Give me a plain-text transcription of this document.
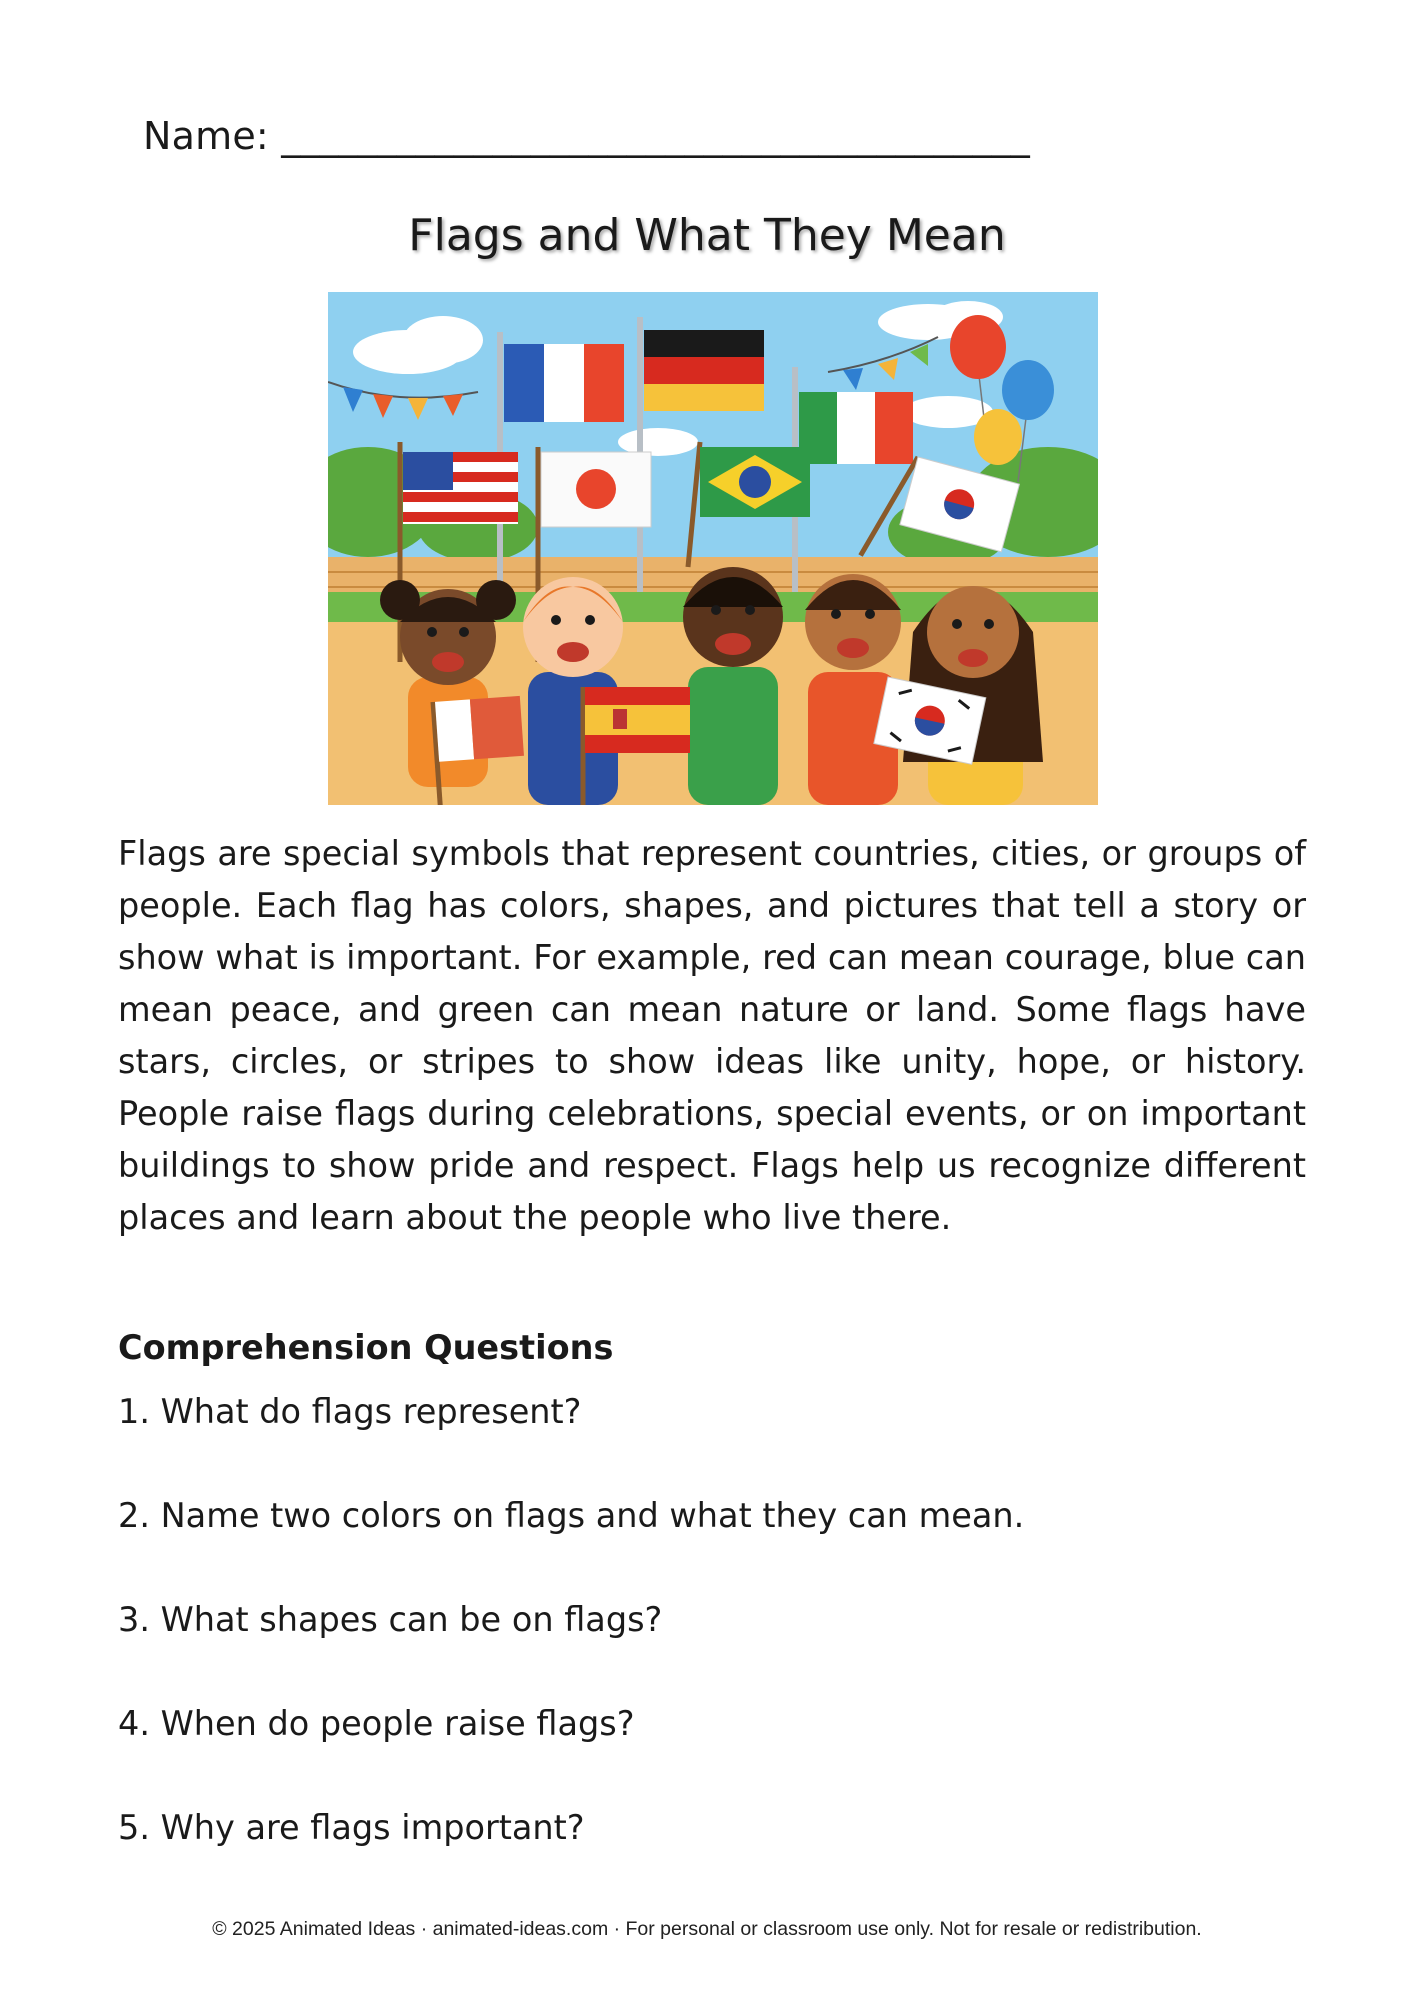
Name: _______________________________________
Flags and What They Mean

Flags are special symbols that represent countries, cities, or groups of people. Each flag has colors, shapes, and pictures that tell a story or show what is important. For example, red can mean courage, blue can mean peace, and green can mean nature or land. Some flags have stars, circles, or stripes to show ideas like unity, hope, or history. People raise flags during celebrations, special events, or on important buildings to show pride and respect. Flags help us recognize different places and learn about the people who live there.

Comprehension Questions
1. What do flags represent?
2. Name two colors on flags and what they can mean.
3. What shapes can be on flags?
4. When do people raise flags?
5. Why are flags important?
© 2025 Animated Ideas · animated-ideas.com · For personal or classroom use only. Not for resale or redistribution.
